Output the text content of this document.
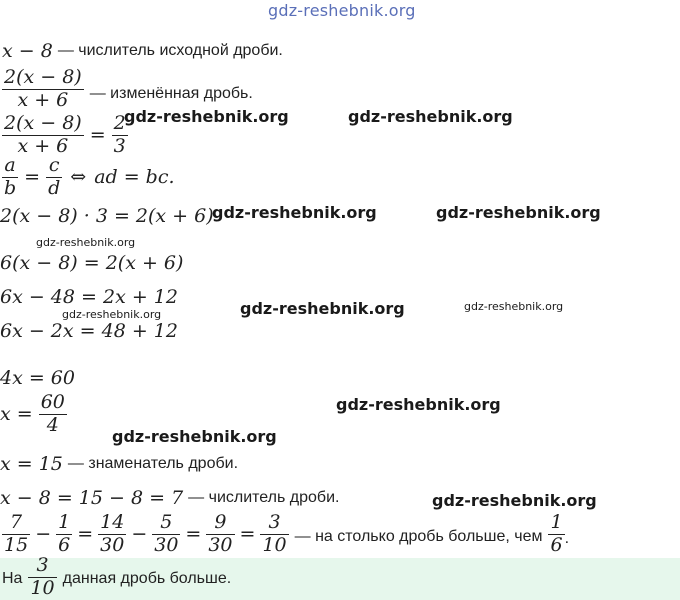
gdz-reshebnik.org
x − 8 — числитель исходной дроби.
$\frac{2(x - 8)}{x + 6}$ — изменённая дробь.
$\frac{2(x - 8)}{x + 6} = \frac{2}{3}$
$\frac{a}{b} = \frac{c}{d}$ ⇔ ad = bc.
2(x − 8) · 3 = 2(x + 6)
6(x − 8) = 2(x + 6)
6x − 48 = 2x + 12
6x − 2x = 48 + 12
4x = 60
$x = \frac{60}{4}$
x = 15 — знаменатель дроби.
x − 8 = 15 − 8 = 7 — числитель дроби.
$\frac{7}{15} - \frac{1}{6} = \frac{14}{30} - \frac{5}{30} = \frac{9}{30} = \frac{3}{10}$ — на столько дробь больше, чем $\frac{1}{6}$ .
На $\frac{3}{10}$ данная дробь больше.
gdz-reshebnik.org	gdz-reshebnik.org
gdz-reshebnik.org	gdz-reshebnik.org
gdz-reshebnik.org
gdz-reshebnik.org	gdz-reshebnik.org
gdz-reshebnik.org
gdz-reshebnik.org
gdz-reshebnik.org
gdz-reshebnik.org
